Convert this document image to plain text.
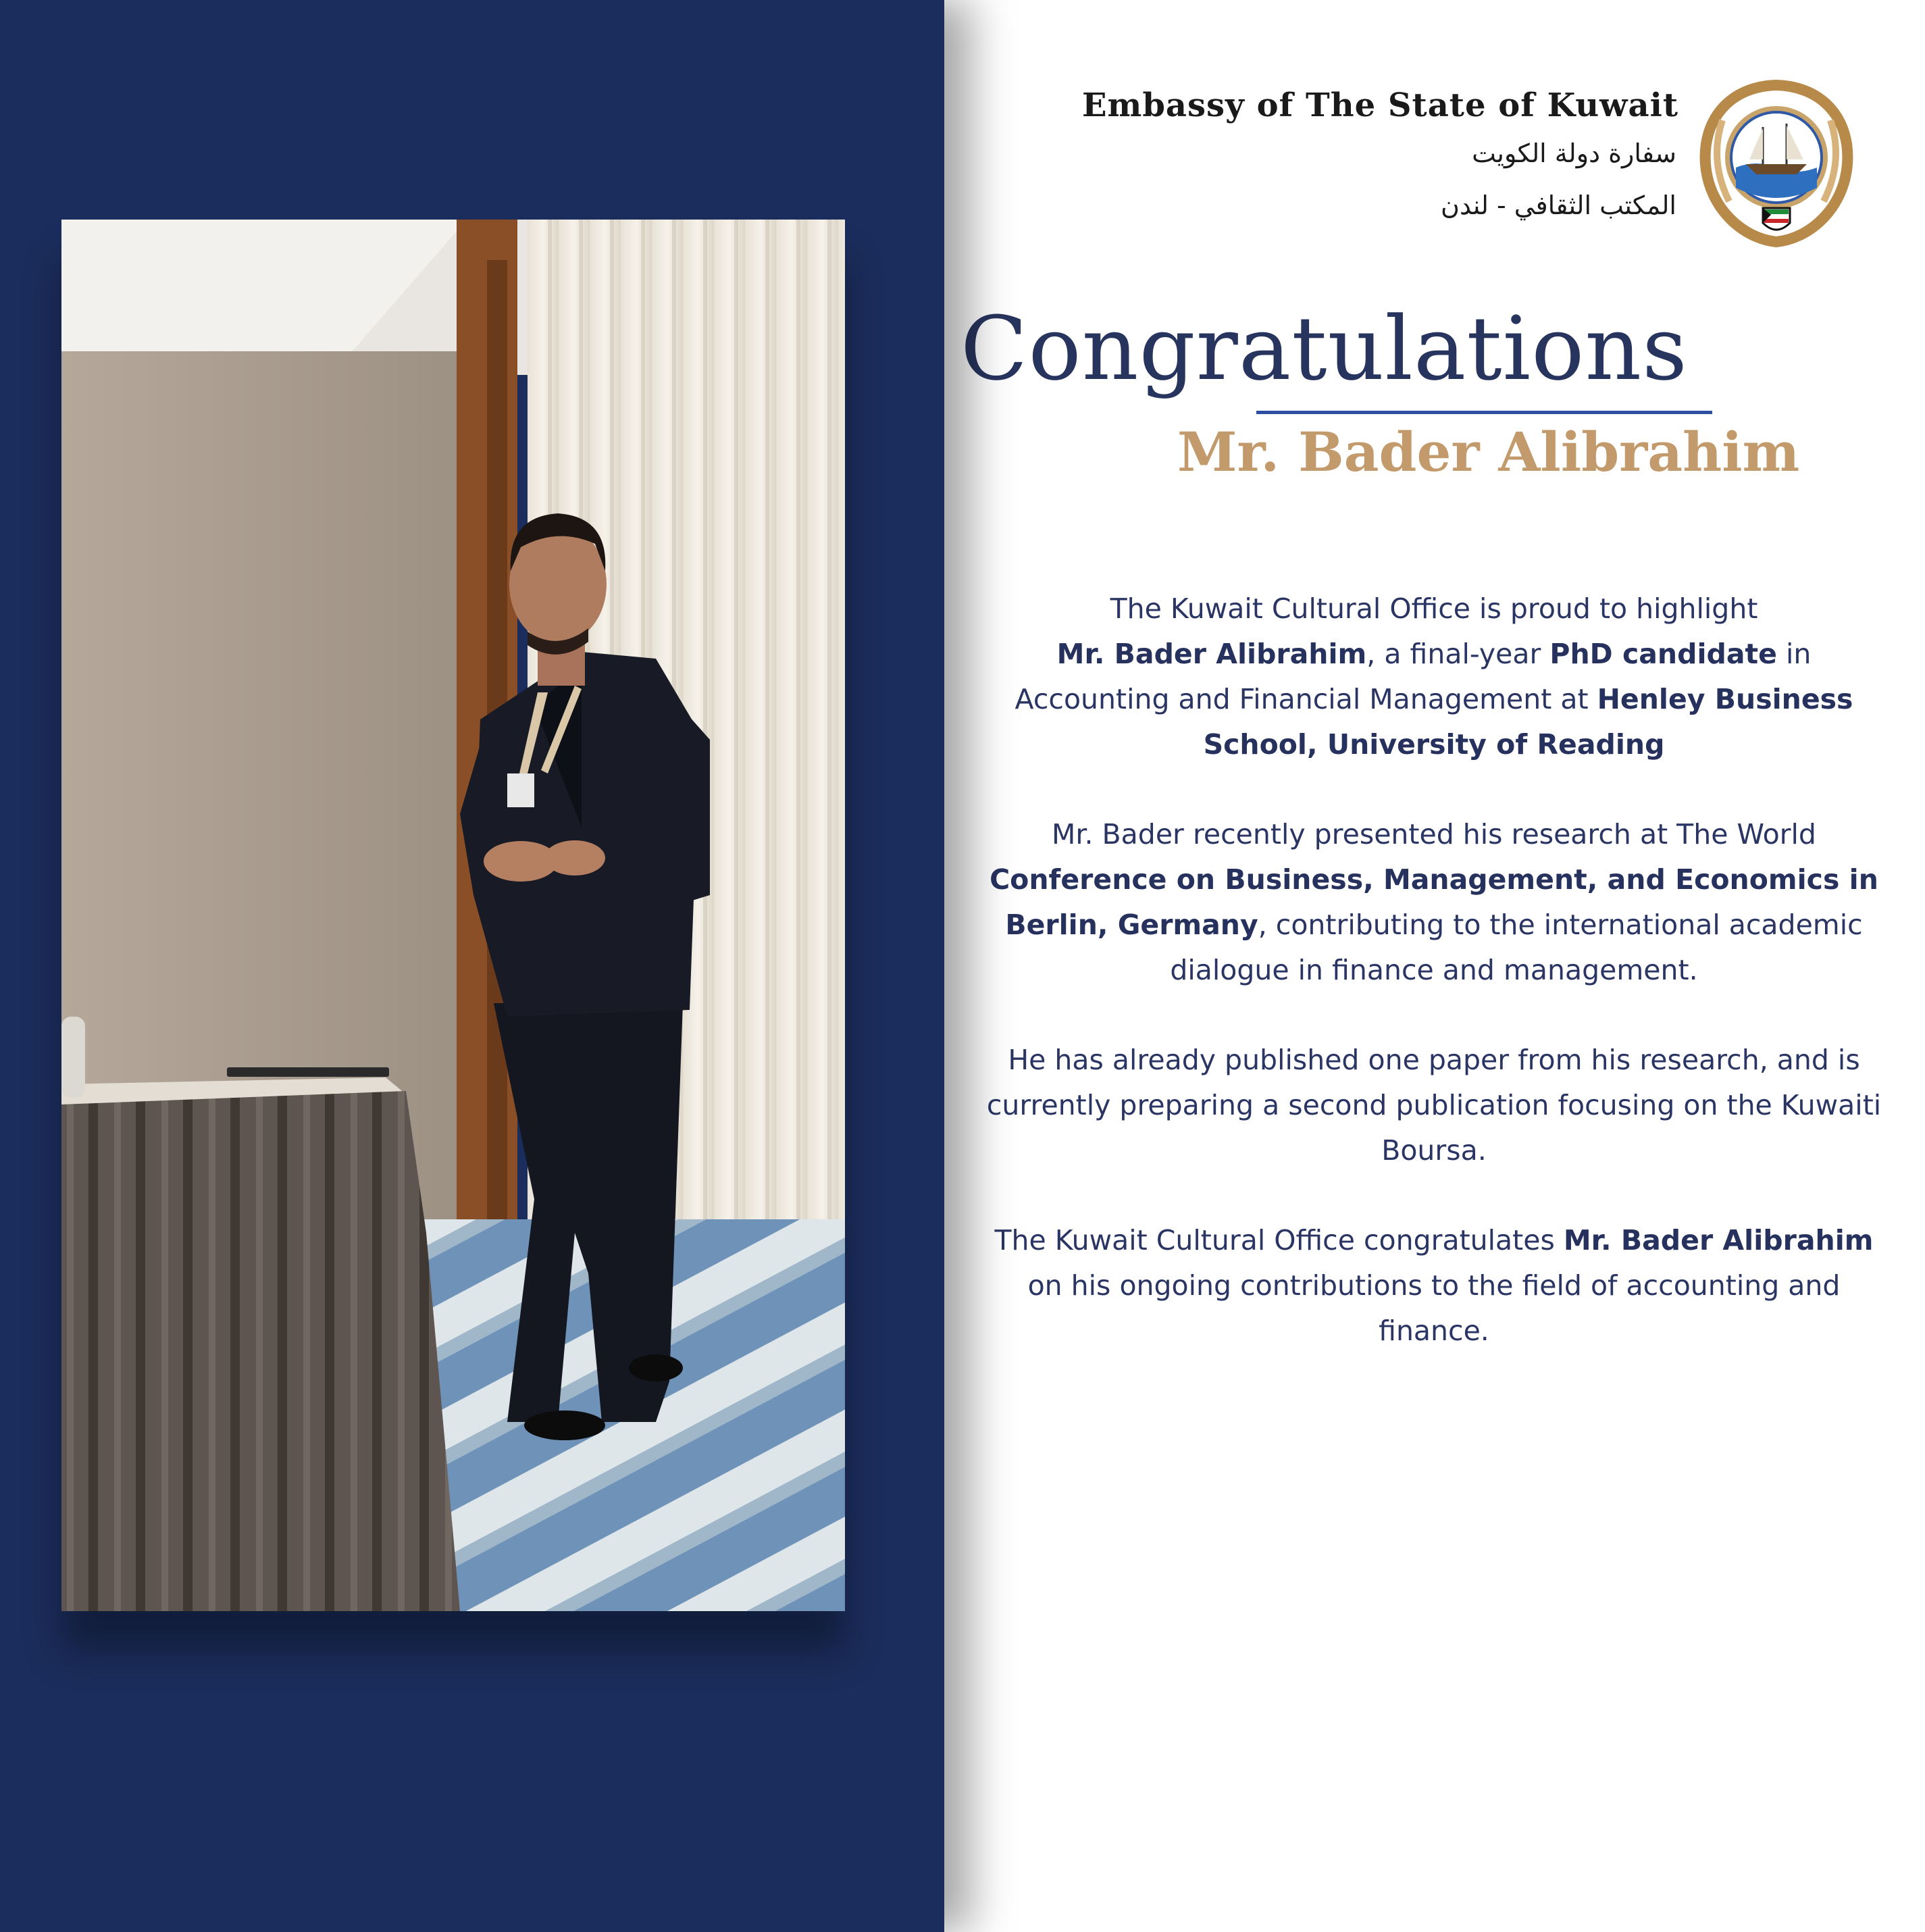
Embassy of The State of Kuwait
سفارة دولة الكويت
المكتب الثقافي - لندن
Congratulations
Mr. Bader Alibrahim

The Kuwait Cultural Office is proud to highlight
Mr. Bader Alibrahim, a final-year PhD candidate in Accounting and Financial Management at Henley Business School, University of Reading

Mr. Bader recently presented his research at The World Conference on Business, Management, and Economics in Berlin, Germany, contributing to the international academic dialogue in finance and management.

He has already published one paper from his research, and is currently preparing a second publication focusing on the Kuwaiti Boursa.

The Kuwait Cultural Office congratulates Mr. Bader Alibrahim on his ongoing contributions to the field of accounting and finance.
